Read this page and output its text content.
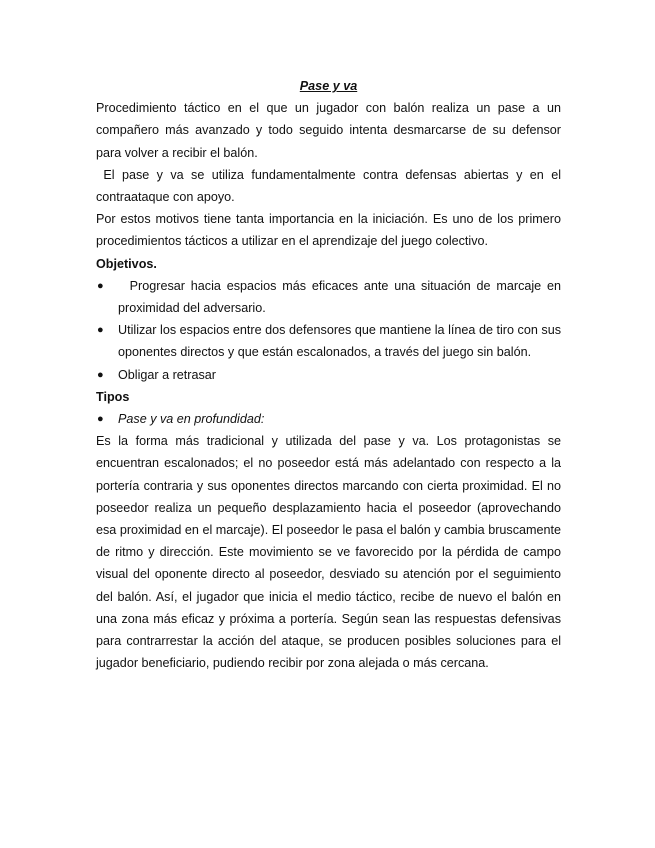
Pase y va

Procedimiento táctico en el que un jugador con balón realiza un pase a un compañero más avanzado y todo seguido intenta desmarcarse de su defensor para volver a recibir el balón.

El pase y va se utiliza fundamentalmente contra defensas abiertas y en el contraataque con apoyo.

Por estos motivos tiene tanta importancia en la iniciación. Es uno de los primero procedimientos tácticos a utilizar en el aprendizaje del juego colectivo.

Objetivos.

● Progresar hacia espacios más eficaces ante una situación de marcaje en proximidad del adversario.
● Utilizar los espacios entre dos defensores que mantiene la línea de tiro con sus oponentes directos y que están escalonados, a través del juego sin balón.
● Obligar a retrasar

Tipos

● Pase y va en profundidad:

Es la forma más tradicional y utilizada del pase y va. Los protagonistas se encuentran escalonados; el no poseedor está más adelantado con respecto a la portería contraria y sus oponentes directos marcando con cierta proximidad. El no poseedor realiza un pequeño desplazamiento hacia el poseedor (aprovechando esa proximidad en el marcaje). El poseedor le pasa el balón y cambia bruscamente de ritmo y dirección. Este movimiento se ve favorecido por la pérdida de campo visual del oponente directo al poseedor, desviado su atención por el seguimiento del balón. Así, el jugador que inicia el medio táctico, recibe de nuevo el balón en una zona más eficaz y próxima a portería. Según sean las respuestas defensivas para contrarrestar la acción del ataque, se producen posibles soluciones para el jugador beneficiario, pudiendo recibir por zona alejada o más cercana.
